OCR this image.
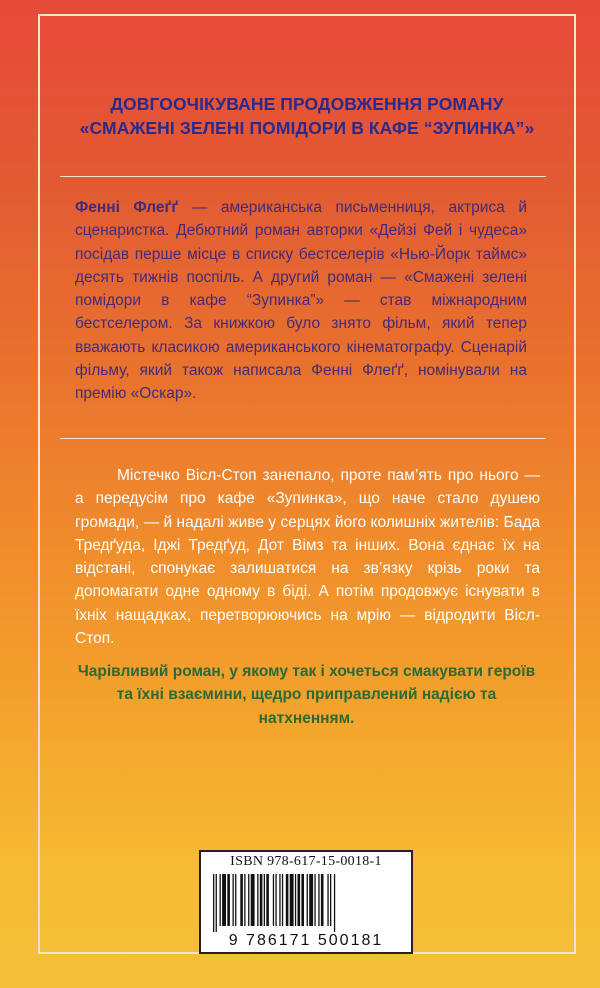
ДОВГООЧІКУВАНЕ ПРОДОВЖЕННЯ РОМАНУ
«СМАЖЕНІ ЗЕЛЕНІ ПОМІДОРИ В КАФЕ “ЗУПИНКА”»
Фенні Флеґґ — американська письменниця, актриса й сценаристка. Дебютний роман авторки «Дейзі Фей і чудеса» посідав перше місце в списку бестселерів «Нью-Йорк таймс» десять тижнів поспіль. А другий роман — «Смажені зелені помідори в кафе “Зупинка”» — став міжнародним бестселером. За книжкою було знято фільм, який тепер вважають класикою американського кінематографу. Сценарій фільму, який також написала Фенні Флеґґ, номінували на премію «Оскар».
Містечко Вісл-Стоп занепало, проте пам’ять про нього — а передусім про кафе «Зупинка», що наче стало душею громади, — й надалі живе у серцях його колишніх жителів: Бада Тредґуда, Іджі Тредґуд, Дот Вімз та інших. Вона єднає їх на відстані, спонукає залишатися на зв’язку крізь роки та допомагати одне одному в біді. А потім продовжує існувати в їхніх нащадках, перетворюючись на мрію — відродити Вісл-Стоп.
Чарівливий роман, у якому так і хочеться смакувати героїв та їхні взаємини, щедро приправлений надією та натхненням.
ISBN 978-617-15-0018-1
9 786171 500181
